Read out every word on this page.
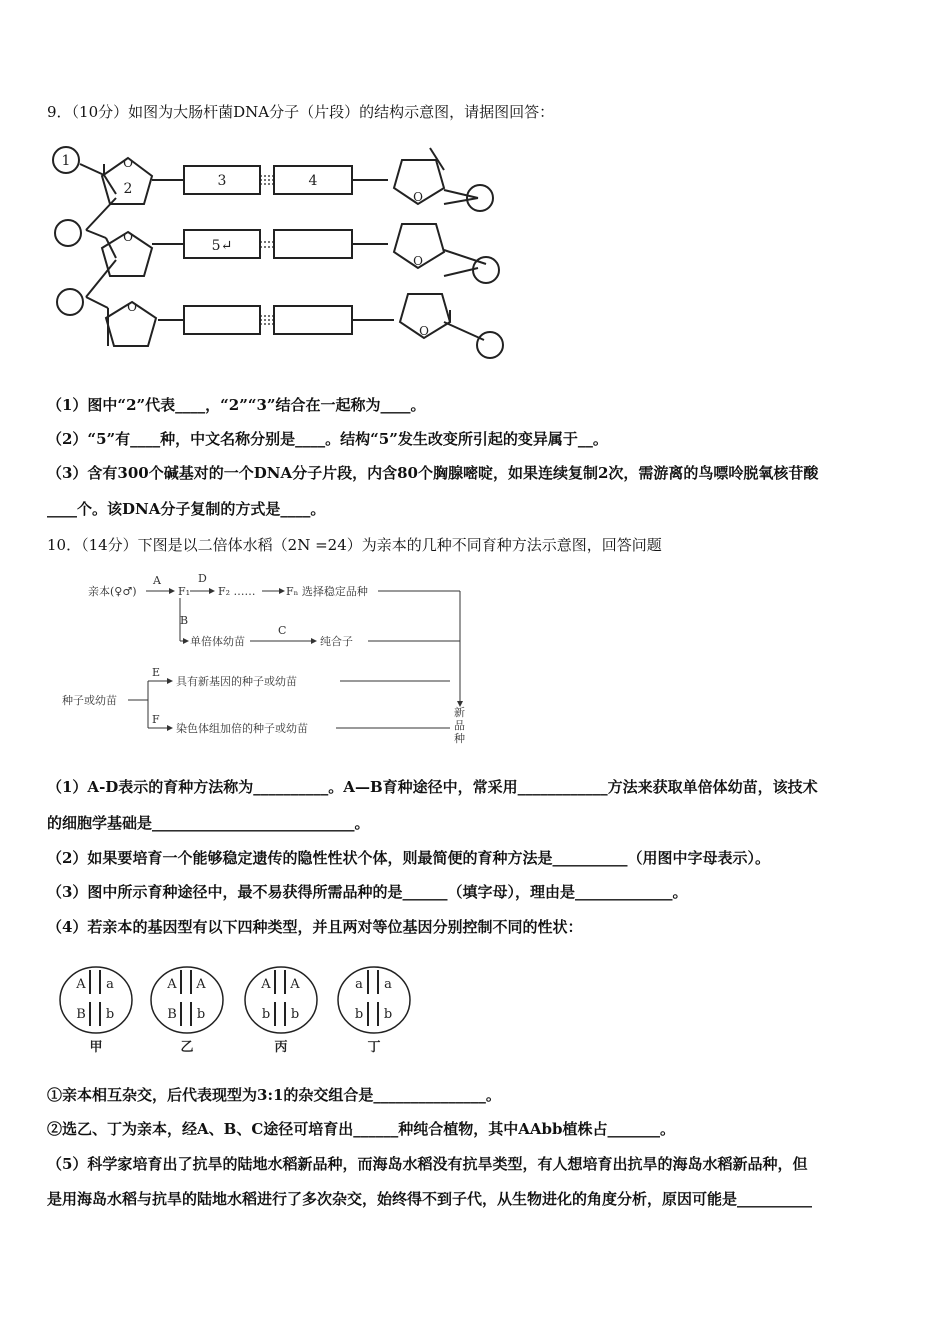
9．（10分）如图为大肠杆菌DNA分子（片段）的结构示意图，请据图回答：
1
2	3	4
5↵
O
O
O
O
O
O
（1）图中“2”代表____，“2”“3”结合在一起称为____。
（2）“5”有____种，中文名称分别是____。结构“5”发生改变所引起的变异属于__。
（3）含有300个碱基对的一个DNA分子片段，内含80个胸腺嘧啶，如果连续复制2次，需游离的鸟嘌呤脱氧核苷酸
____个。该DNA分子复制的方式是____。
10．（14分）下图是以二倍体水稻（2N =24）为亲本的几种不同育种方法示意图，回答问题
亲本(♀♂)
A
F₁
D
F₂ ……	Fₙ 选择稳定品种
B
单倍体幼苗
C
纯合子
E
具有新基因的种子或幼苗
种子或幼苗
F
染色体组加倍的种子或幼苗
新
品
种
（1）A-D表示的育种方法称为__________。A—B育种途径中，常采用____________方法来获取单倍体幼苗，该技术
的细胞学基础是___________________________。
（2）如果要培育一个能够稳定遗传的隐性性状个体，则最简便的育种方法是__________（用图中字母表示）。
（3）图中所示育种途径中，最不易获得所需品种的是______（填字母），理由是_____________。
（4）若亲本的基因型有以下四种类型，并且两对等位基因分别控制不同的性状：
A a
B b
甲
A A
B b
乙
A A
b b
丙
a a
b b
丁
①亲本相互杂交，后代表现型为3:1的杂交组合是_______________。
②选乙、丁为亲本，经A、B、C途径可培育出______种纯合植物，其中AAbb植株占_______。
（5）科学家培育出了抗旱的陆地水稻新品种，而海岛水稻没有抗旱类型，有人想培育出抗旱的海岛水稻新品种，但
是用海岛水稻与抗旱的陆地水稻进行了多次杂交，始终得不到子代，从生物进化的角度分析，原因可能是__________
